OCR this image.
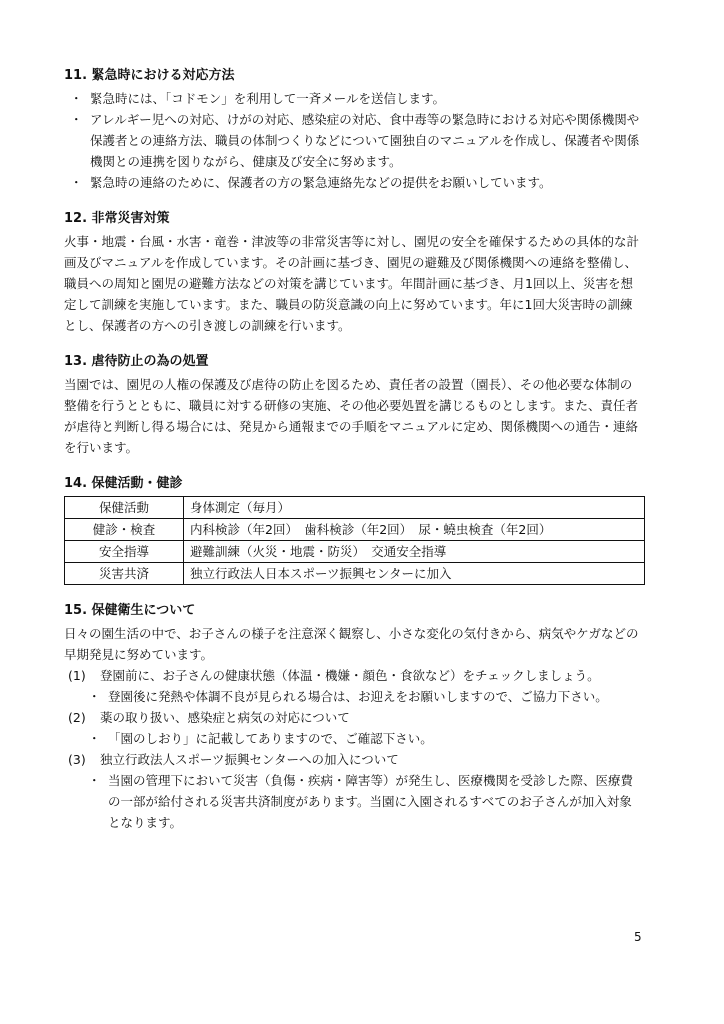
11. 緊急時における対応方法
・ 緊急時には、「コドモン」を利用して一斉メールを送信します。
・ アレルギー児への対応、けがの対応、感染症の対応、食中毒等の緊急時における対応や関係機関や保護者との連絡方法、職員の体制つくりなどについて園独自のマニュアルを作成し、保護者や関係機関との連携を図りながら、健康及び安全に努めます。
・ 緊急時の連絡のために、保護者の方の緊急連絡先などの提供をお願いしています。
12. 非常災害対策

火事・地震・台風・水害・竜巻・津波等の非常災害等に対し、園児の安全を確保するための具体的な計画及びマニュアルを作成しています。その計画に基づき、園児の避難及び関係機関への連絡を整備し、職員への周知と園児の避難方法などの対策を講じています。年間計画に基づき、月1回以上、災害を想定して訓練を実施しています。また、職員の防災意識の向上に努めています。年に1回大災害時の訓練とし、保護者の方への引き渡しの訓練を行います。

13. 虐待防止の為の処置

当園では、園児の人権の保護及び虐待の防止を図るため、責任者の設置（園長）、その他必要な体制の整備を行うとともに、職員に対する研修の実施、その他必要処置を講じるものとします。また、責任者が虐待と判断し得る場合には、発見から通報までの手順をマニュアルに定め、関係機関への通告・連絡を行います。

14. 保健活動・健診
保健活動	身体測定（毎月）
健診・検査	内科検診（年2回）　歯科検診（年2回）　尿・蟯虫検査（年2回）
安全指導	避難訓練（火災・地震・防災）　交通安全指導
災害共済	独立行政法人日本スポーツ振興センターに加入
15. 保健衛生について

日々の園生活の中で、お子さんの様子を注意深く観察し、小さな変化の気付きから、病気やケガなどの早期発見に努めています。

(1)	登園前に、お子さんの健康状態（体温・機嫌・顔色・食欲など）をチェックしましょう。
・ 登園後に発熱や体調不良が見られる場合は、お迎えをお願いしますので、ご協力下さい。
(2)	薬の取り扱い、感染症と病気の対応について
・ 「園のしおり」に記載してありますので、ご確認下さい。
(3)	独立行政法人スポーツ振興センターへの加入について
・ 当園の管理下において災害（負傷・疾病・障害等）が発生し、医療機関を受診した際、医療費の一部が給付される災害共済制度があります。当園に入園されるすべてのお子さんが加入対象となります。
5
